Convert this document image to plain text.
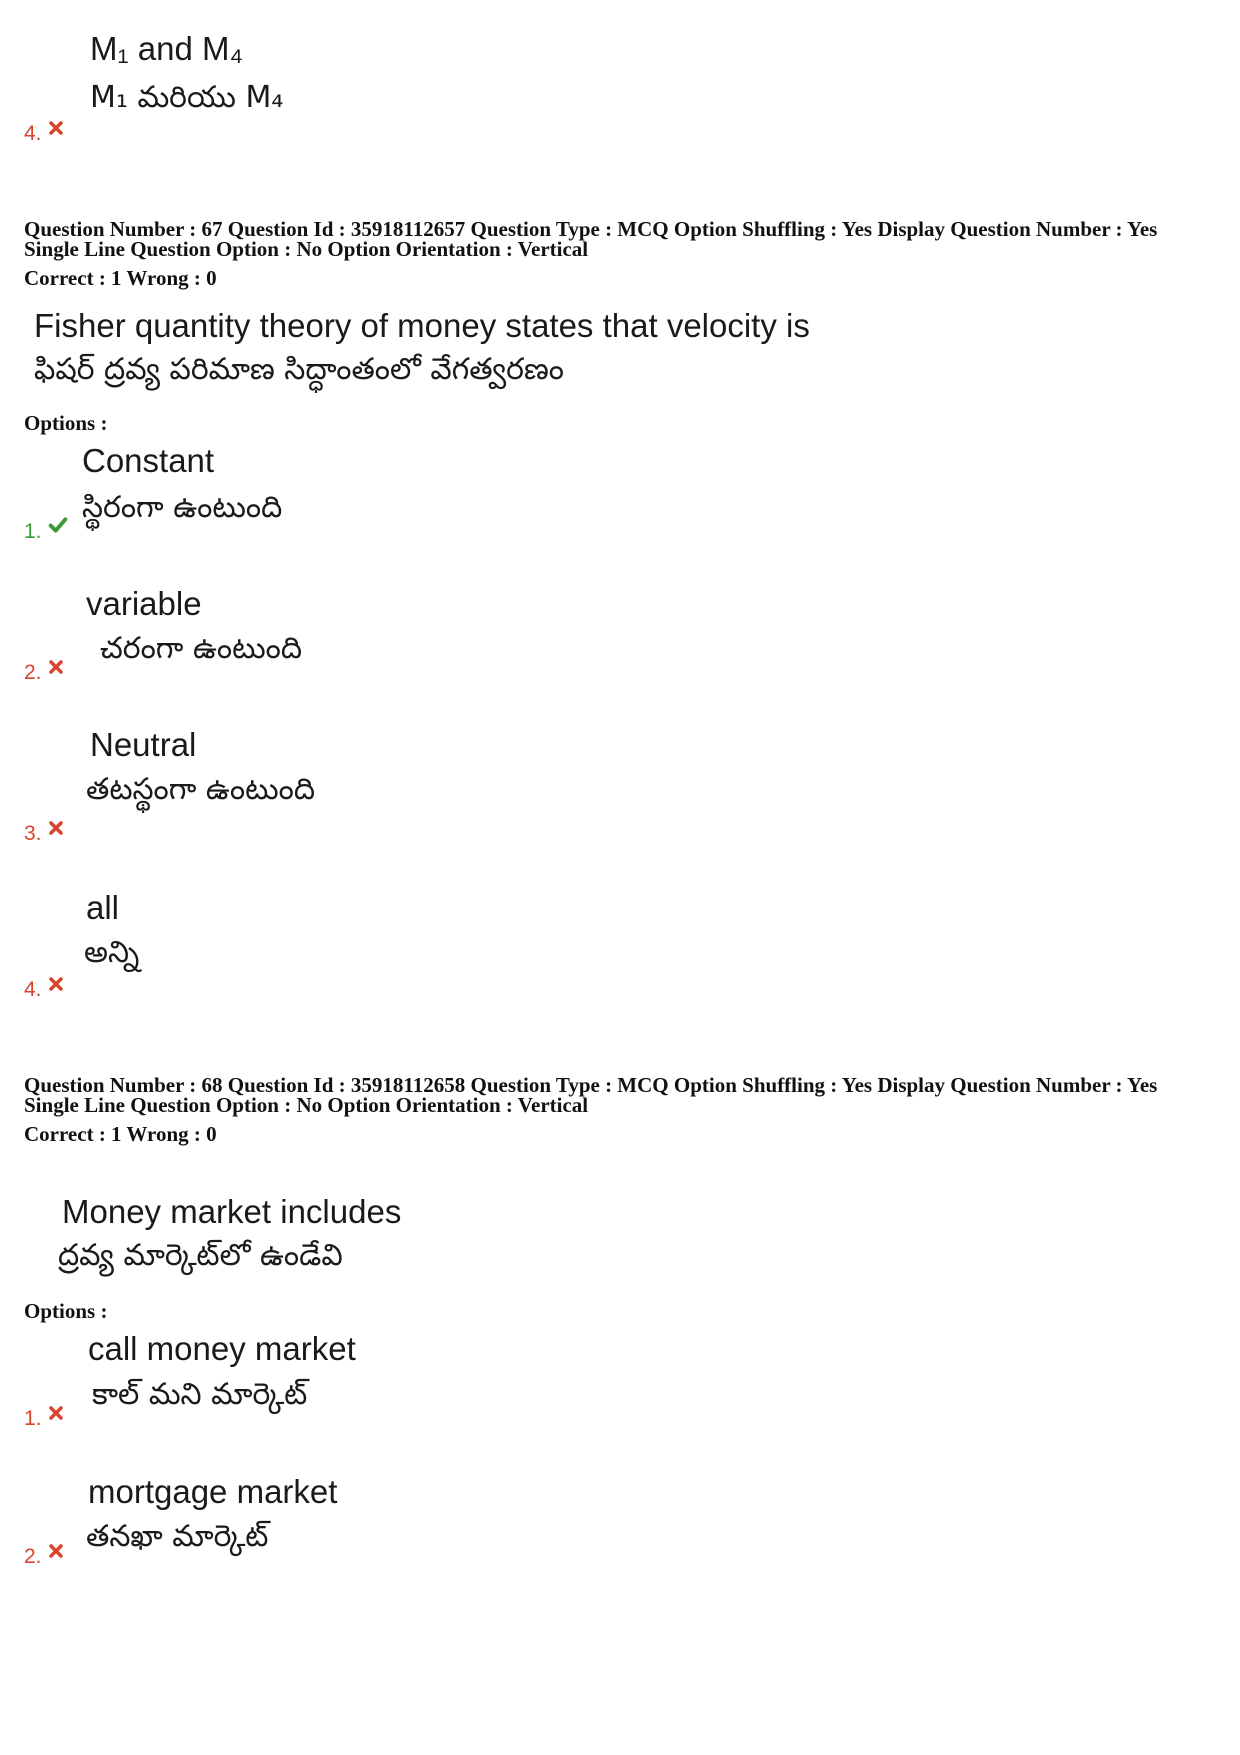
M₁ and M₄
M₁ మరియు M₄
4.
Question Number : 67 Question Id : 35918112657 Question Type : MCQ Option Shuffling : Yes Display Question Number : Yes
Single Line Question Option : No Option Orientation : Vertical
Correct : 1 Wrong : 0
Fisher quantity theory of money states that velocity is
ఫిషర్ ద్రవ్య పరిమాణ సిద్ధాంతంలో వేగత్వరణం
Options :
Constant
స్థిరంగా ఉంటుంది
1.
variable
చరంగా ఉంటుంది
2.
Neutral
తటస్థంగా ఉంటుంది
3.
all
అన్ని
4.
Question Number : 68 Question Id : 35918112658 Question Type : MCQ Option Shuffling : Yes Display Question Number : Yes
Single Line Question Option : No Option Orientation : Vertical
Correct : 1 Wrong : 0
Money market includes
ద్రవ్య మార్కెట్‌లో ఉండేవి
Options :
call money market
కాల్ మని మార్కెట్
1.
mortgage market
తనఖా మార్కెట్
2.
